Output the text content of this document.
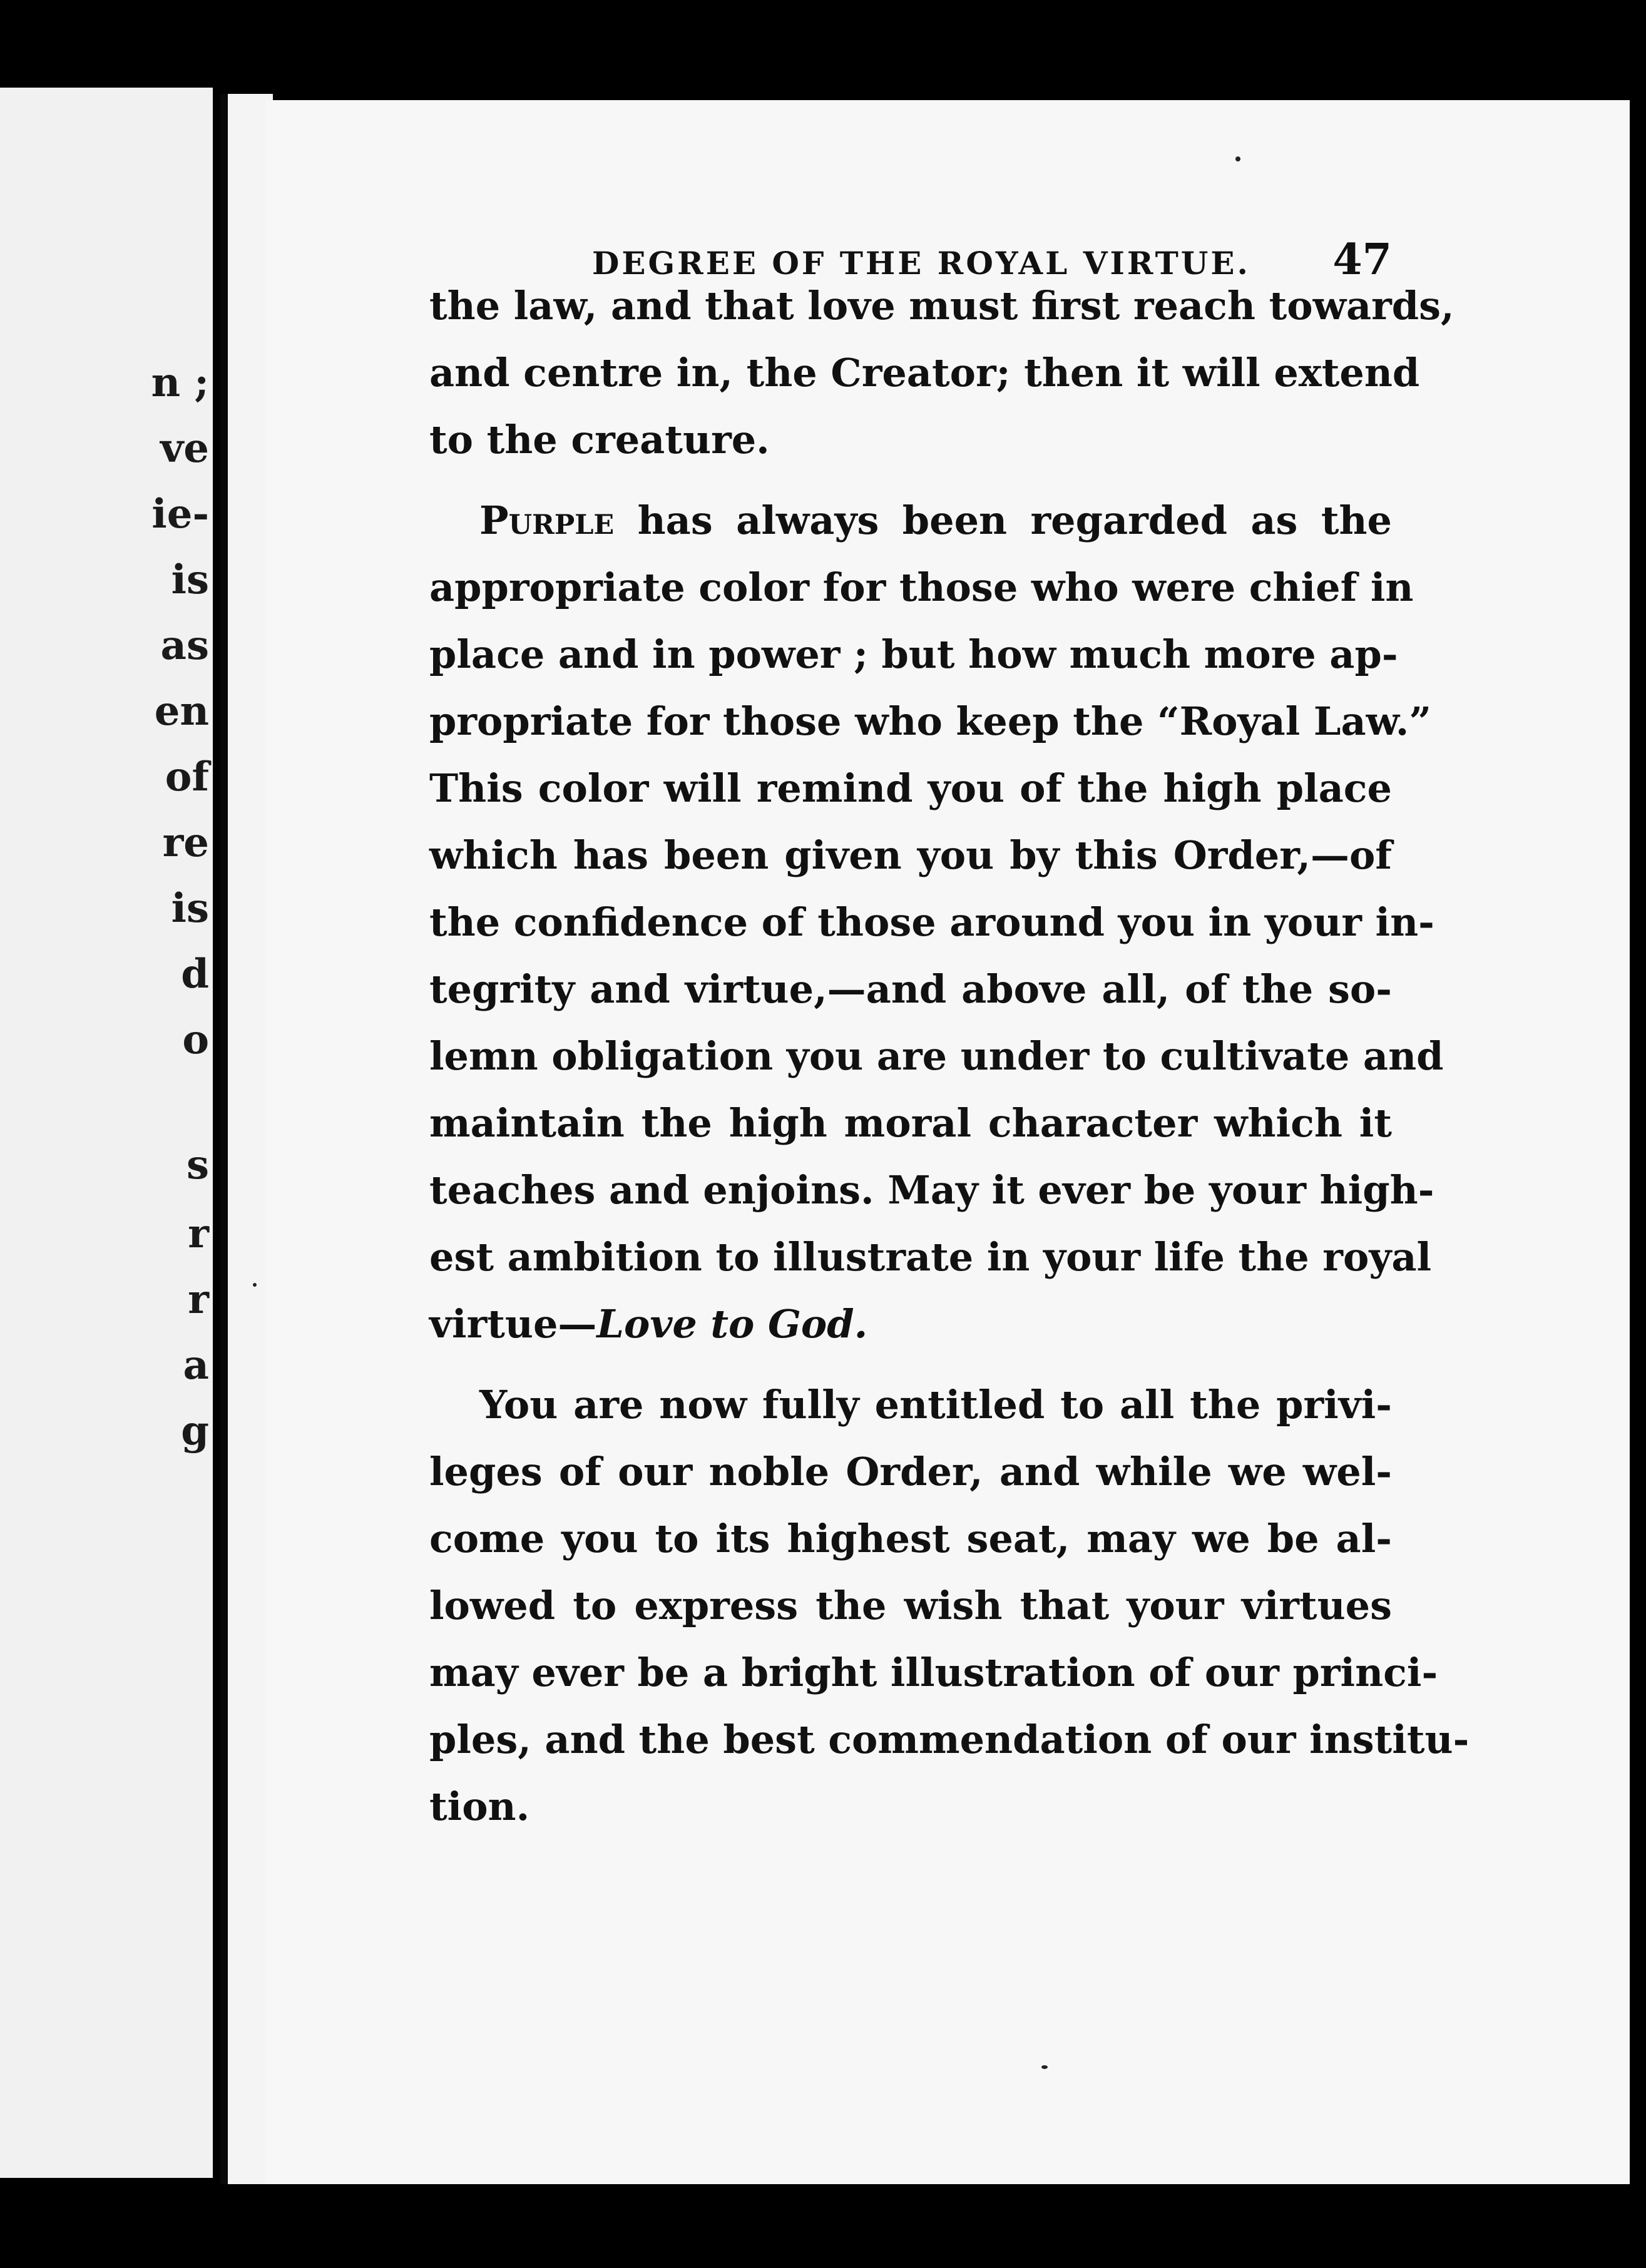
n ;
ve
ie-
is
as
en
of
re
is
d
o
s
r
r
a
g
DEGREE OF THE ROYAL VIRTUE. 47

the law, and that love must first reach towards,
and centre in, the Creator; then it will extend
to the creature.

Purple has always been regarded as the
appropriate color for those who were chief in
place and in power ; but how much more ap-
propriate for those who keep the “Royal Law.”
This color will remind you of the high place
which has been given you by this Order,—of
the confidence of those around you in your in-
tegrity and virtue,—and above all, of the so-
lemn obligation you are under to cultivate and
maintain the high moral character which it
teaches and enjoins. May it ever be your high-
est ambition to illustrate in your life the royal
virtue—Love to God.

You are now fully entitled to all the privi-
leges of our noble Order, and while we wel-
come you to its highest seat, may we be al-
lowed to express the wish that your virtues
may ever be a bright illustration of our princi-
ples, and the best commendation of our institu-
tion.
